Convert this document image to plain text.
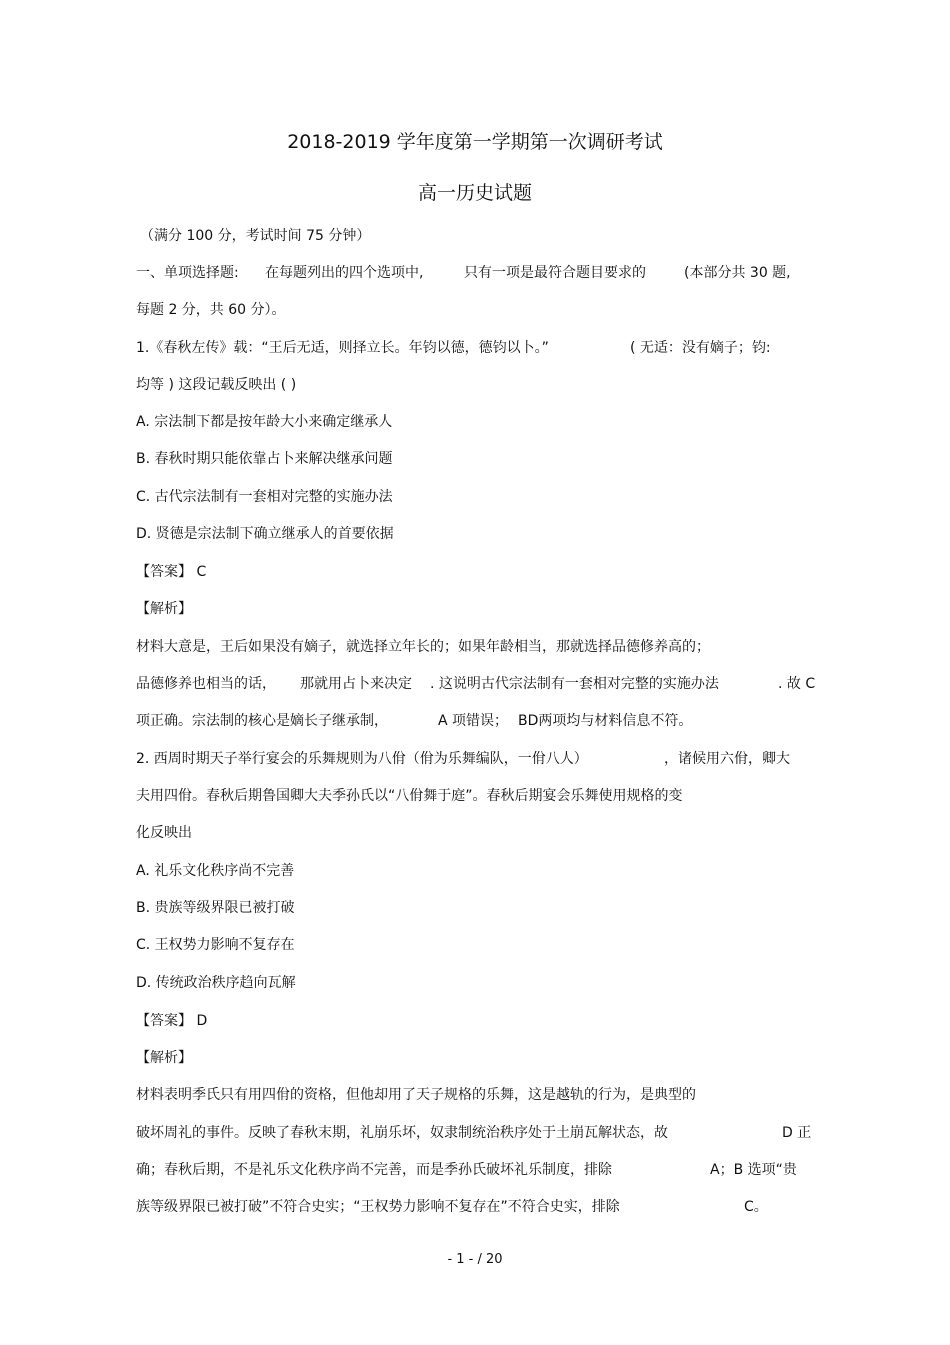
2018-2019 学年度第一学期第一次调研考试
高一历史试题
（满分 100 分，考试时间 75 分钟）
一、单项选择题: 在每题列出的四个选项中,	只有一项是最符合题目要求的	(本部分共 30 题,
每题 2 分，共 60 分）。
1.《春秋左传》载：“王后无适，则择立长。年钧以德，德钧以卜。”	( 无适：没有嫡子；钧:
均等 ) 这段记载反映出 ( )
A. 宗法制下都是按年龄大小来确定继承人
B. 春秋时期只能依靠占卜来解决继承问题
C. 古代宗法制有一套相对完整的实施办法
D. 贤德是宗法制下确立继承人的首要依据
【答案】 C
【解析】
材料大意是，王后如果没有嫡子，就选择立年长的；如果年龄相当，那就选择品德修养高的；
品德修养也相当的话， 那就用占卜来决定 . 这说明古代宗法制有一套相对完整的实施办法	. 故 C
项正确。宗法制的核心是嫡长子继承制，	A 项错误； BD两项均与材料信息不符。
2. 西周时期天子举行宴会的乐舞规则为八佾（佾为乐舞编队，一佾八人）	，诸候用六佾，卿大
夫用四佾。春秋后期鲁国卿大夫季孙氏以“八佾舞于庭”。春秋后期宴会乐舞使用规格的变
化反映出
A. 礼乐文化秩序尚不完善
B. 贵族等级界限已被打破
C. 王权势力影响不复存在
D. 传统政治秩序趋向瓦解
【答案】 D
【解析】
材料表明季氏只有用四佾的资格，但他却用了天子规格的乐舞，这是越轨的行为，是典型的
破坏周礼的事件。反映了春秋末期，礼崩乐坏，奴隶制统治秩序处于土崩瓦解状态，故	D 正
确；春秋后期，不是礼乐文化秩序尚不完善，而是季孙氏破坏礼乐制度，排除	A；B 选项“贵
族等级界限已被打破”不符合史实；“王权势力影响不复存在”不符合史实，排除	C。
- 1 - / 20
